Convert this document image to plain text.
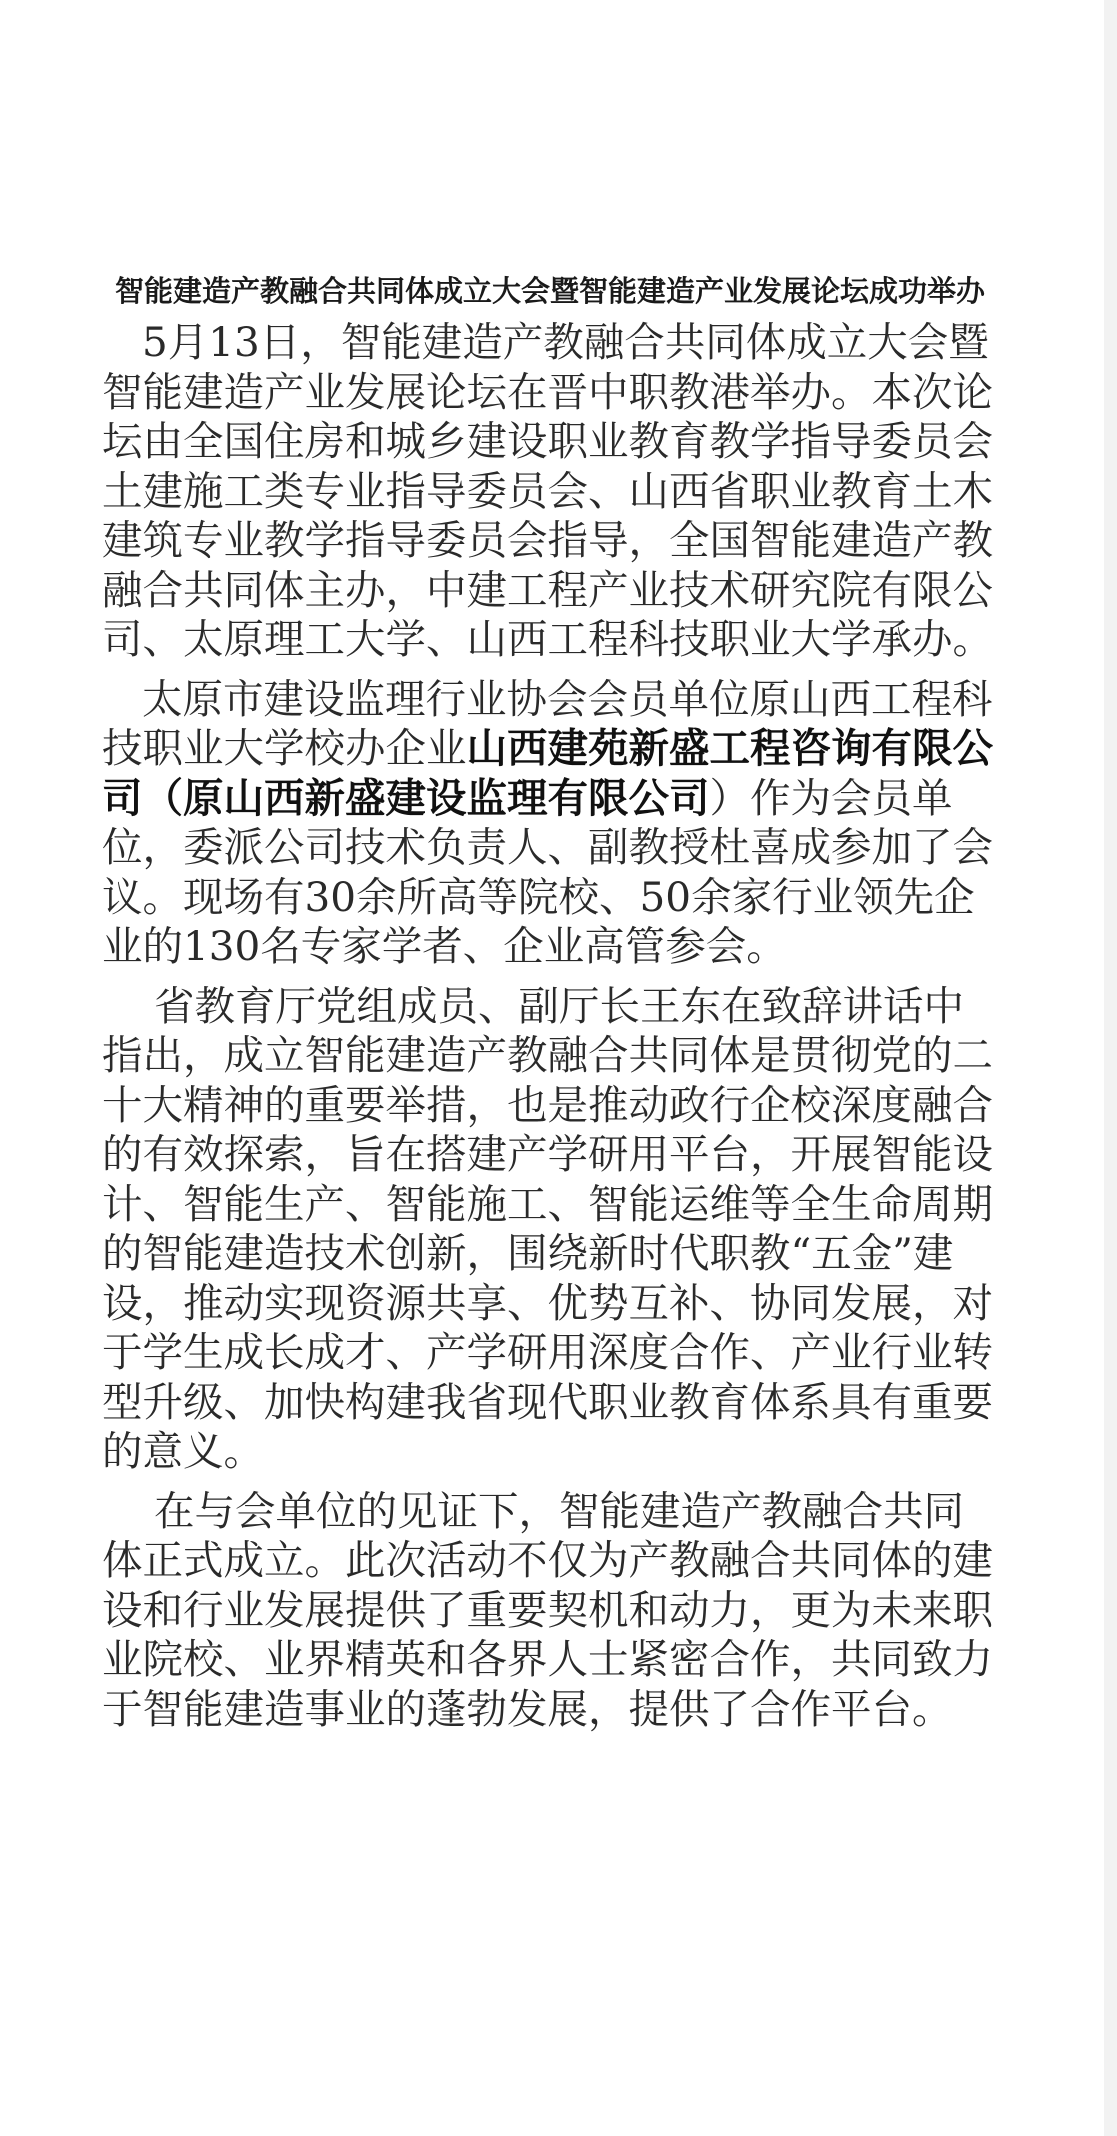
智能建造产教融合共同体成立大会暨智能建造产业发展论坛成功举办

5月13日，智能建造产教融合共同体成立大会暨智能建造产业发展论坛在晋中职教港举办。本次论坛由全国住房和城乡建设职业教育教学指导委员会土建施工类专业指导委员会、山西省职业教育土木建筑专业教学指导委员会指导，全国智能建造产教融合共同体主办，中建工程产业技术研究院有限公司、太原理工大学、山西工程科技职业大学承办。

太原市建设监理行业协会会员单位原山西工程科技职业大学校办企业山西建苑新盛工程咨询有限公司（原山西新盛建设监理有限公司）作为会员单位，委派公司技术负责人、副教授杜喜成参加了会议。现场有30余所高等院校、50余家行业领先企业的130名专家学者、企业高管参会。

省教育厅党组成员、副厅长王东在致辞讲话中指出，成立智能建造产教融合共同体是贯彻党的二十大精神的重要举措，也是推动政行企校深度融合的有效探索，旨在搭建产学研用平台，开展智能设计、智能生产、智能施工、智能运维等全生命周期的智能建造技术创新，围绕新时代职教“五金”建设，推动实现资源共享、优势互补、协同发展，对于学生成长成才、产学研用深度合作、产业行业转型升级、加快构建我省现代职业教育体系具有重要的意义。

在与会单位的见证下，智能建造产教融合共同体正式成立。此次活动不仅为产教融合共同体的建设和行业发展提供了重要契机和动力，更为未来职业院校、业界精英和各界人士紧密合作，共同致力于智能建造事业的蓬勃发展，提供了合作平台。
